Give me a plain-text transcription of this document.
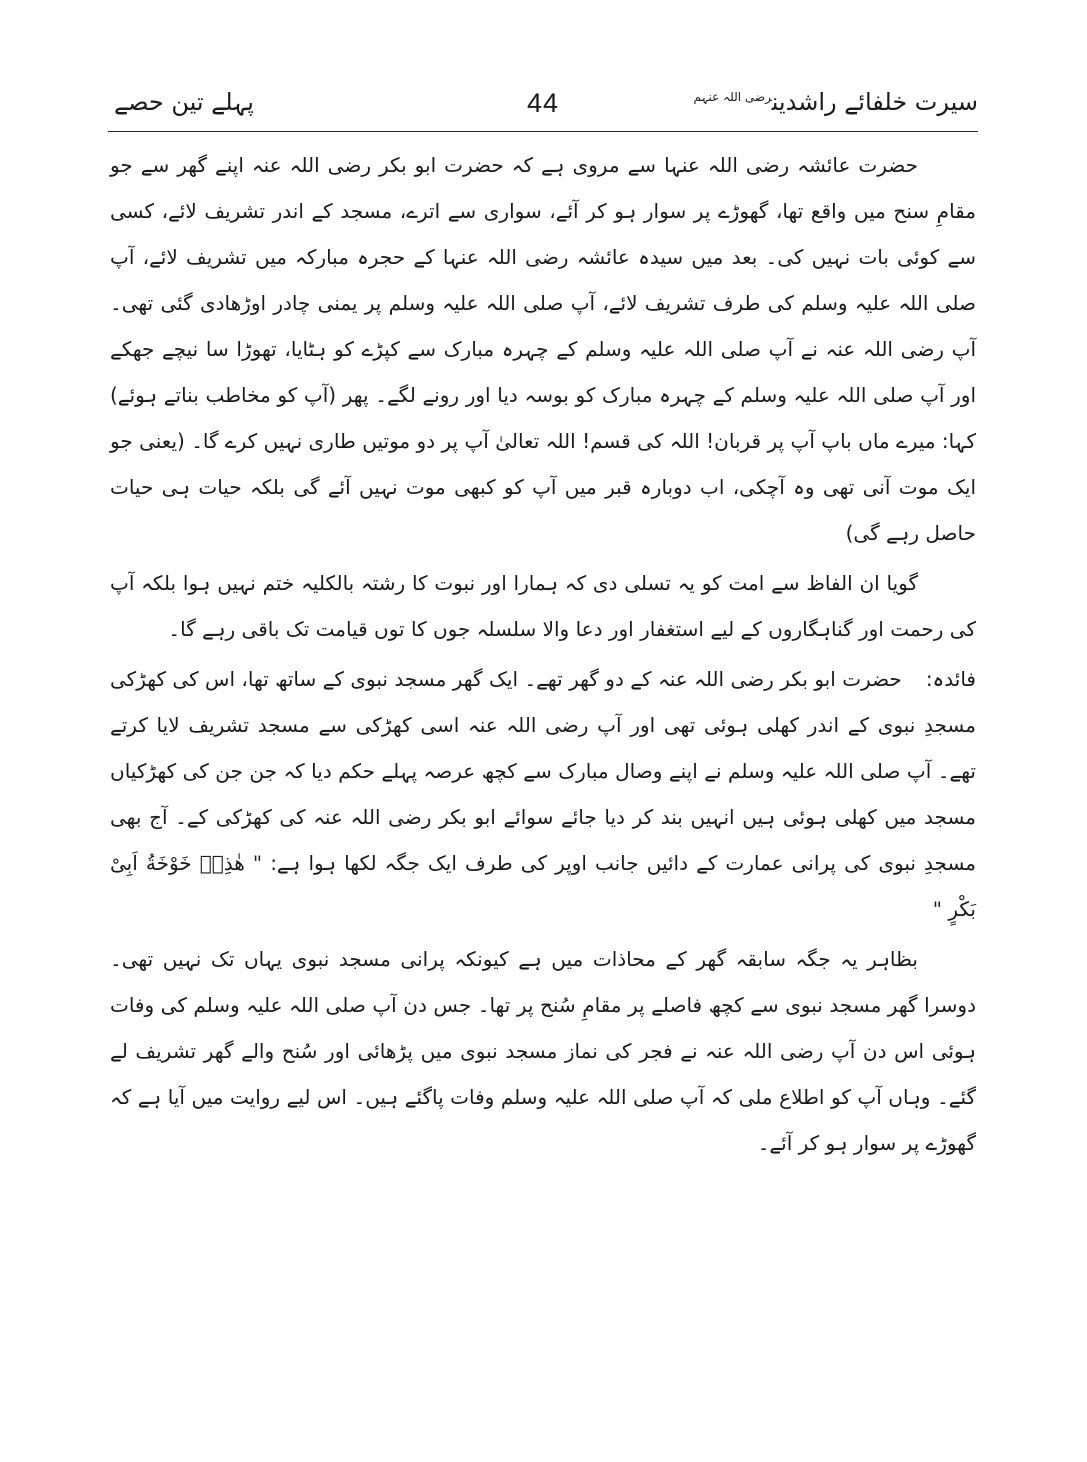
سیرت خلفائے راشدین$^{رضی اللہ عنہم}$
44
پہلے تین حصے

حضرت عائشہ رضی اللہ عنہا سے مروی ہے کہ حضرت ابو بکر رضی اللہ عنہ اپنے گھر سے جو مقامِ سنح میں واقع تھا، گھوڑے پر سوار ہو کر آئے، سواری سے اترے، مسجد کے اندر تشریف لائے، کسی سے کوئی بات نہیں کی۔ بعد میں سیدہ عائشہ رضی اللہ عنہا کے حجرہ مبارکہ میں تشریف لائے، آپ صلی اللہ علیہ وسلم کی طرف تشریف لائے، آپ صلی اللہ علیہ وسلم پر یمنی چادر اوڑھادی گئی تھی۔ آپ رضی اللہ عنہ نے آپ صلی اللہ علیہ وسلم کے چہرہ مبارک سے کپڑے کو ہٹایا، تھوڑا سا نیچے جھکے اور آپ صلی اللہ علیہ وسلم کے چہرہ مبارک کو بوسہ دیا اور رونے لگے۔ پھر (آپ کو مخاطب بناتے ہوئے) کہا: میرے ماں باپ آپ پر قربان! اللہ کی قسم! اللہ تعالیٰ آپ پر دو موتیں طاری نہیں کرے گا۔ (یعنی جو ایک موت آنی تھی وہ آچکی، اب دوبارہ قبر میں آپ کو کبھی موت نہیں آئے گی بلکہ حیات ہی حیات حاصل رہے گی)

گویا ان الفاظ سے امت کو یہ تسلی دی کہ ہمارا اور نبوت کا رشتہ بالکلیہ ختم نہیں ہوا بلکہ آپ کی رحمت اور گناہگاروں کے لیے استغفار اور دعا والا سلسلہ جوں کا توں قیامت تک باقی رہے گا۔

فائدہ:حضرت ابو بکر رضی اللہ عنہ کے دو گھر تھے۔ ایک گھر مسجد نبوی کے ساتھ تھا، اس کی کھڑکی مسجدِ نبوی کے اندر کھلی ہوئی تھی اور آپ رضی اللہ عنہ اسی کھڑکی سے مسجد تشریف لایا کرتے تھے۔ آپ صلی اللہ علیہ وسلم نے اپنے وصال مبارک سے کچھ عرصہ پہلے حکم دیا کہ جن جن کی کھڑکیاں مسجد میں کھلی ہوئی ہیں انہیں بند کر دیا جائے سوائے ابو بکر رضی اللہ عنہ کی کھڑکی کے۔ آج بھی مسجدِ نبوی کی پرانی عمارت کے دائیں جانب اوپر کی طرف ایک جگہ لکھا ہوا ہے: " هٰذِهٖ خَوْخَةُ اَبِیْ بَکْرٍ "

بظاہر یہ جگہ سابقہ گھر کے محاذات میں ہے کیونکہ پرانی مسجد نبوی یہاں تک نہیں تھی۔ دوسرا گھر مسجد نبوی سے کچھ فاصلے پر مقامِ سُنح پر تھا۔ جس دن آپ صلی اللہ علیہ وسلم کی وفات ہوئی اس دن آپ رضی اللہ عنہ نے فجر کی نماز مسجد نبوی میں پڑھائی اور سُنح والے گھر تشریف لے گئے۔ وہاں آپ کو اطلاع ملی کہ آپ صلی اللہ علیہ وسلم وفات پاگئے ہیں۔ اس لیے روایت میں آیا ہے کہ گھوڑے پر سوار ہو کر آئے۔
